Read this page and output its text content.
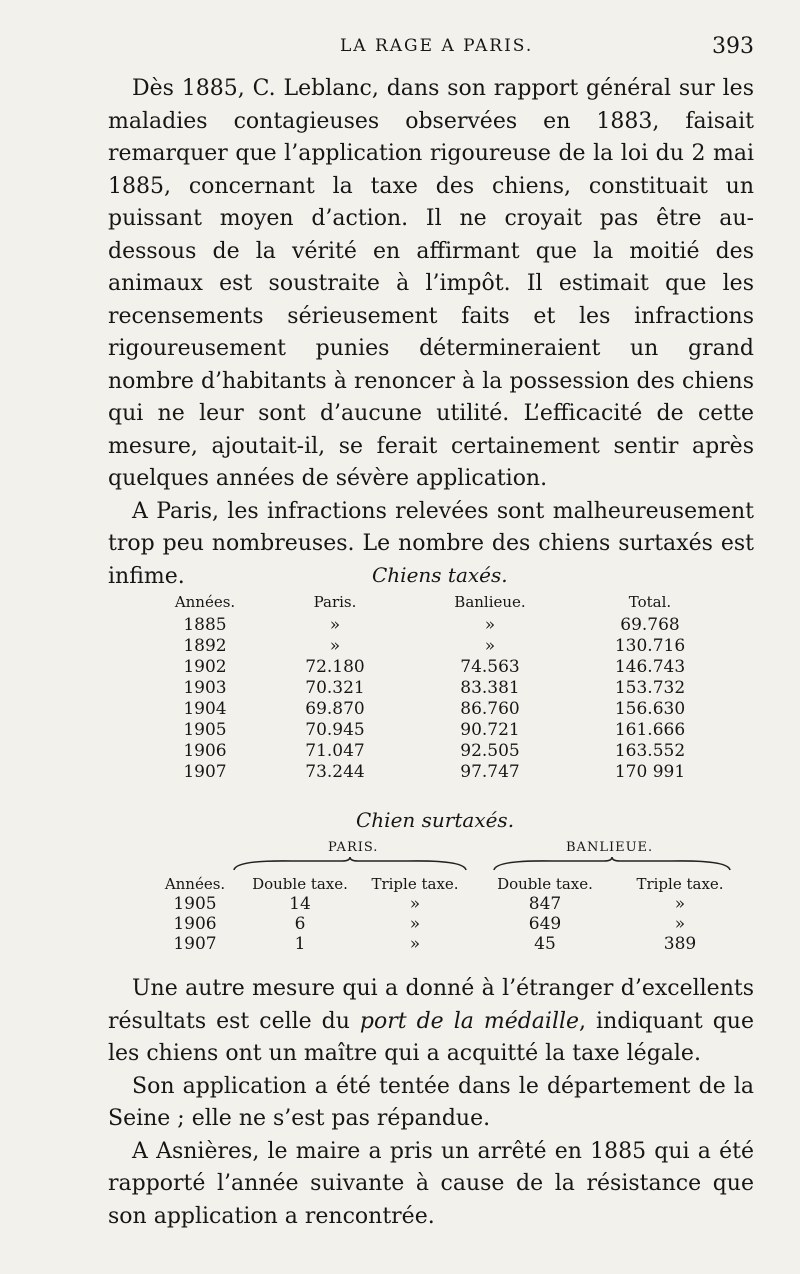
LA RAGE A PARIS.	393

Dès 1885, C. Leblanc, dans son rapport général sur les maladies contagieuses observées en 1883, faisait remarquer que l’application rigoureuse de la loi du 2 mai 1885, concernant la taxe des chiens, constituait un puissant moyen d’action. Il ne croyait pas être au-dessous de la vérité en affirmant que la moitié des animaux est soustraite à l’impôt. Il estimait que les recensements sérieusement faits et les infractions rigoureusement punies détermineraient un grand nombre d’habitants à renoncer à la possession des chiens qui ne leur sont d’aucune utilité. L’efficacité de cette mesure, ajoutait-il, se ferait certainement sentir après quelques années de sévère application.

A Paris, les infractions relevées sont malheureusement trop peu nombreuses. Le nombre des chiens surtaxés est infime.	Chiens taxés.
Années.	Paris.	Banlieue.	Total.
1885	»	»	69.768
1892	»	»	130.716
1902	72.180	74.563	146.743
1903	70.321	83.381	153.732
1904	69.870	86.760	156.630
1905	70.945	90.721	161.666
1906	71.047	92.505	163.552
1907	73.244	97.747	170 991
Chien surtaxés.
PARIS.	BANLIEUE.
Années.	Double taxe.	Triple taxe.	Double taxe.	Triple taxe.
1905	14	»	847	»
1906	6	»	649	»
1907	1	»	45	389

Une autre mesure qui a donné à l’étranger d’excellents résultats est celle du port de la médaille, indiquant que les chiens ont un maître qui a acquitté la taxe légale.

Son application a été tentée dans le département de la Seine ; elle ne s’est pas répandue.

A Asnières, le maire a pris un arrêté en 1885 qui a été rapporté l’année suivante à cause de la résistance que son application a rencontrée.
